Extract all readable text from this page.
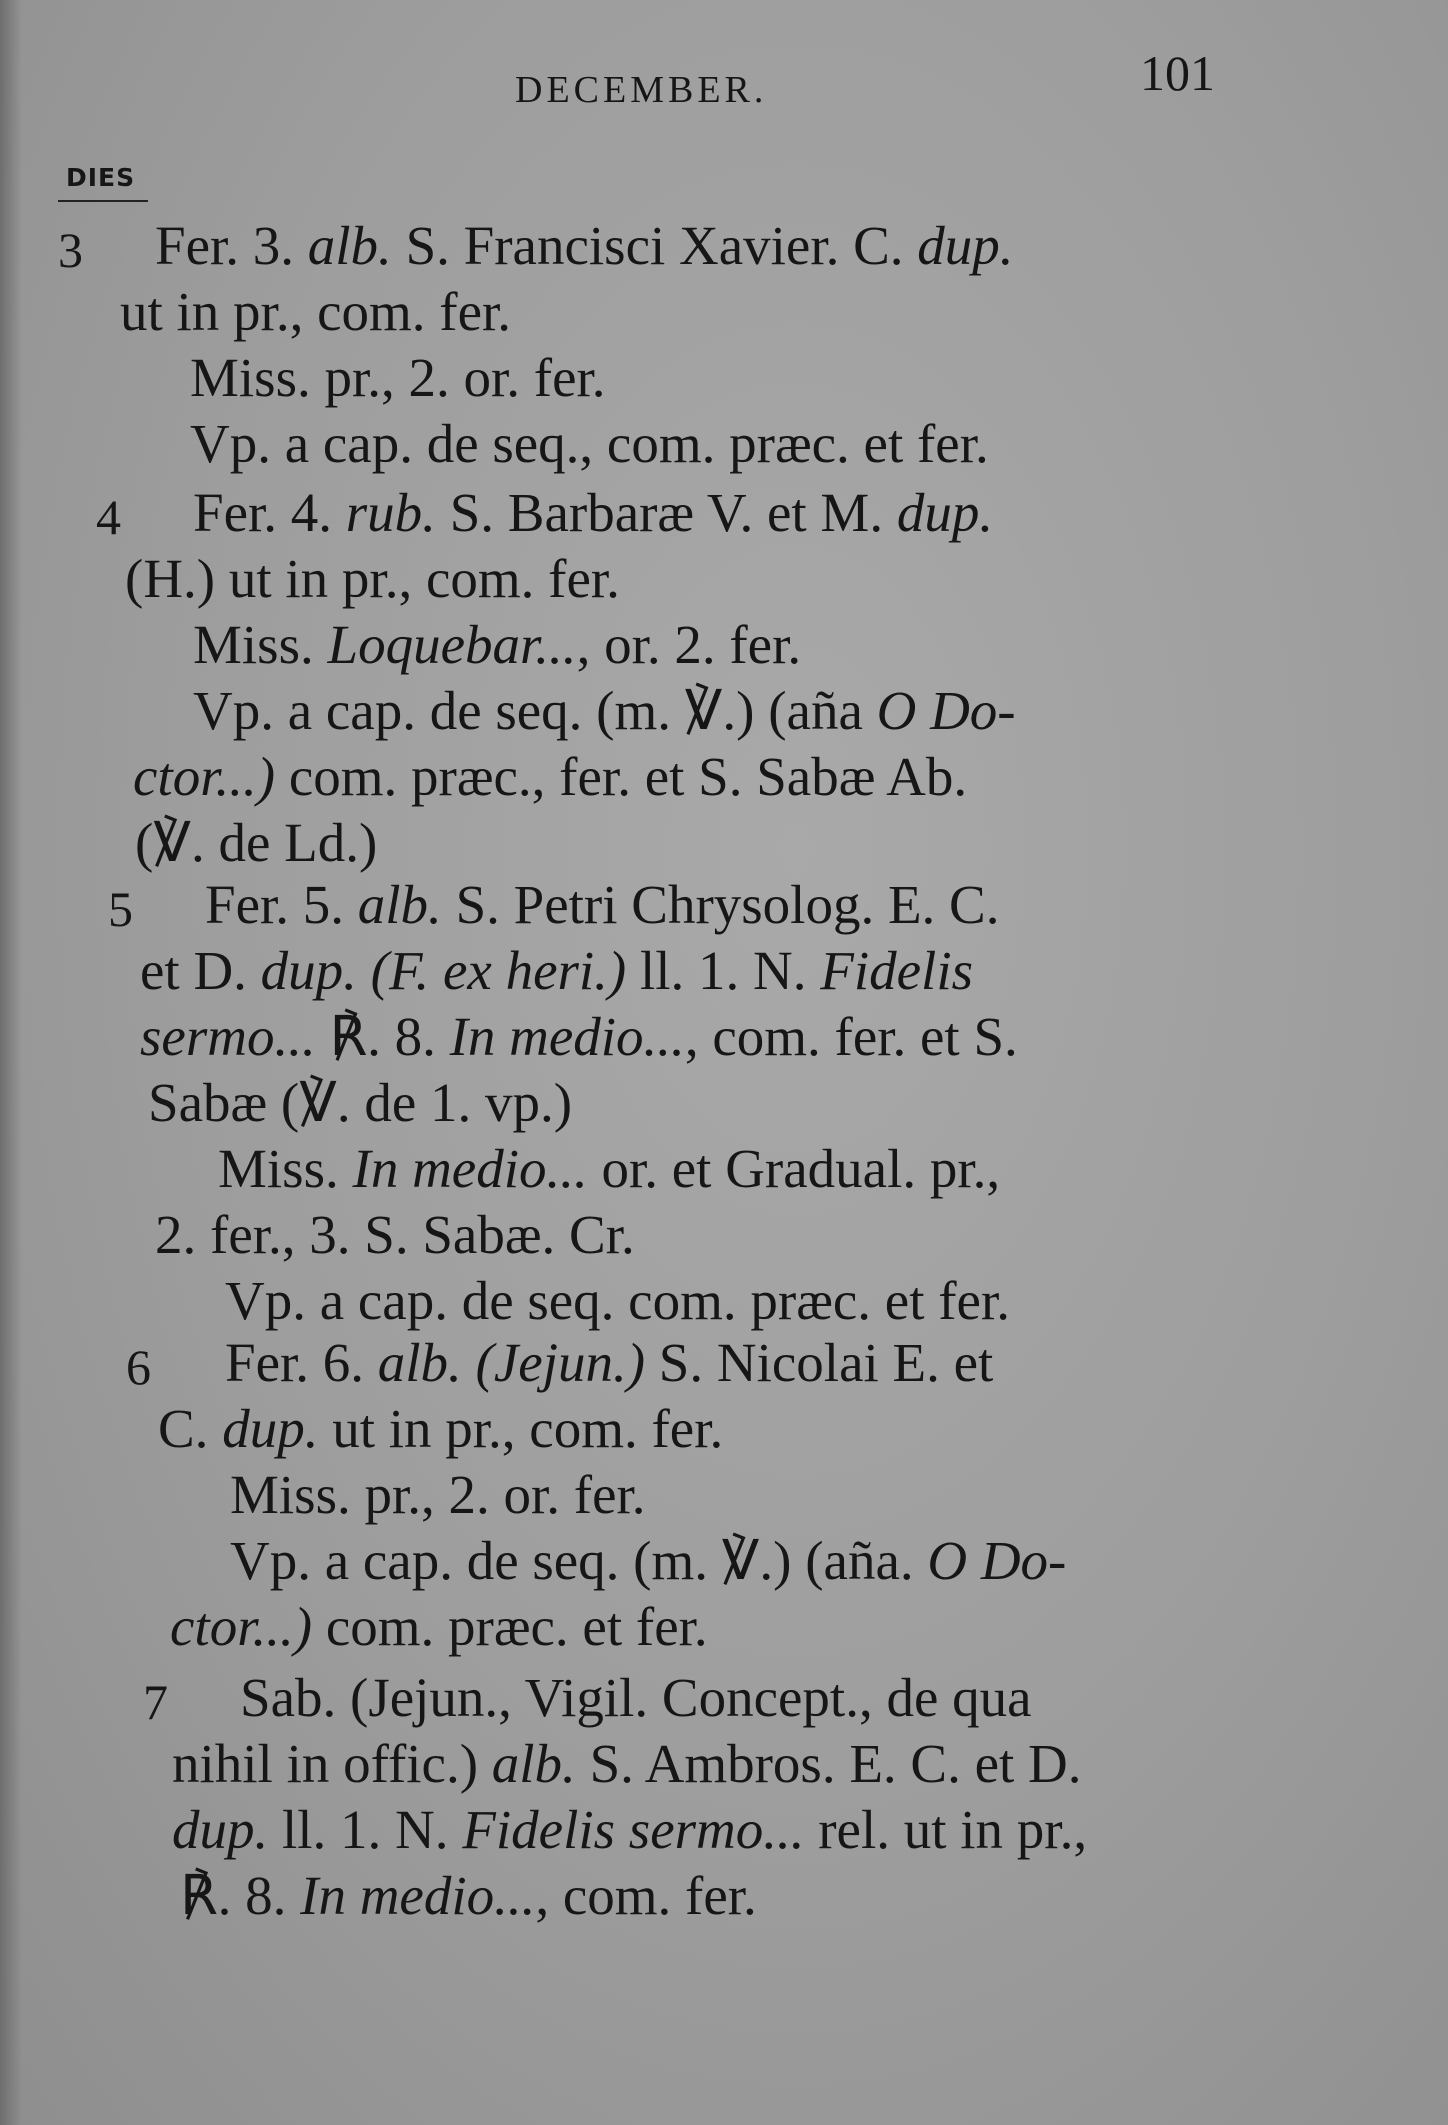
DECEMBER.	101
DIES
3 Fer. 3. alb. S. Francisci Xavier. C. dup.
ut in pr., com. fer.
Miss. pr., 2. or. fer.
Vp. a cap. de seq., com. præc. et fer.
4 Fer. 4. rub. S. Barbaræ V. et M. dup.
(H.) ut in pr., com. fer.
Miss. Loquebar..., or. 2. fer.
Vp. a cap. de seq. (m. ℣.) (aña O Do-
ctor...) com. præc., fer. et S. Sabæ Ab.
(℣. de Ld.)
5 Fer. 5. alb. S. Petri Chrysolog. E. C.
et D. dup. (F. ex heri.) ll. 1. N. Fidelis
sermo... ℟. 8. In medio..., com. fer. et S.
Sabæ (℣. de 1. vp.)
Miss. In medio... or. et Gradual. pr.,
2. fer., 3. S. Sabæ. Cr.
Vp. a cap. de seq. com. præc. et fer.
6 Fer. 6. alb. (Jejun.) S. Nicolai E. et
C. dup. ut in pr., com. fer.
Miss. pr., 2. or. fer.
Vp. a cap. de seq. (m. ℣.) (aña. O Do-
ctor...) com. præc. et fer.
7 Sab. (Jejun., Vigil. Concept., de qua
nihil in offic.) alb. S. Ambros. E. C. et D.
dup. ll. 1. N. Fidelis sermo... rel. ut in pr.,
℟. 8. In medio..., com. fer.
